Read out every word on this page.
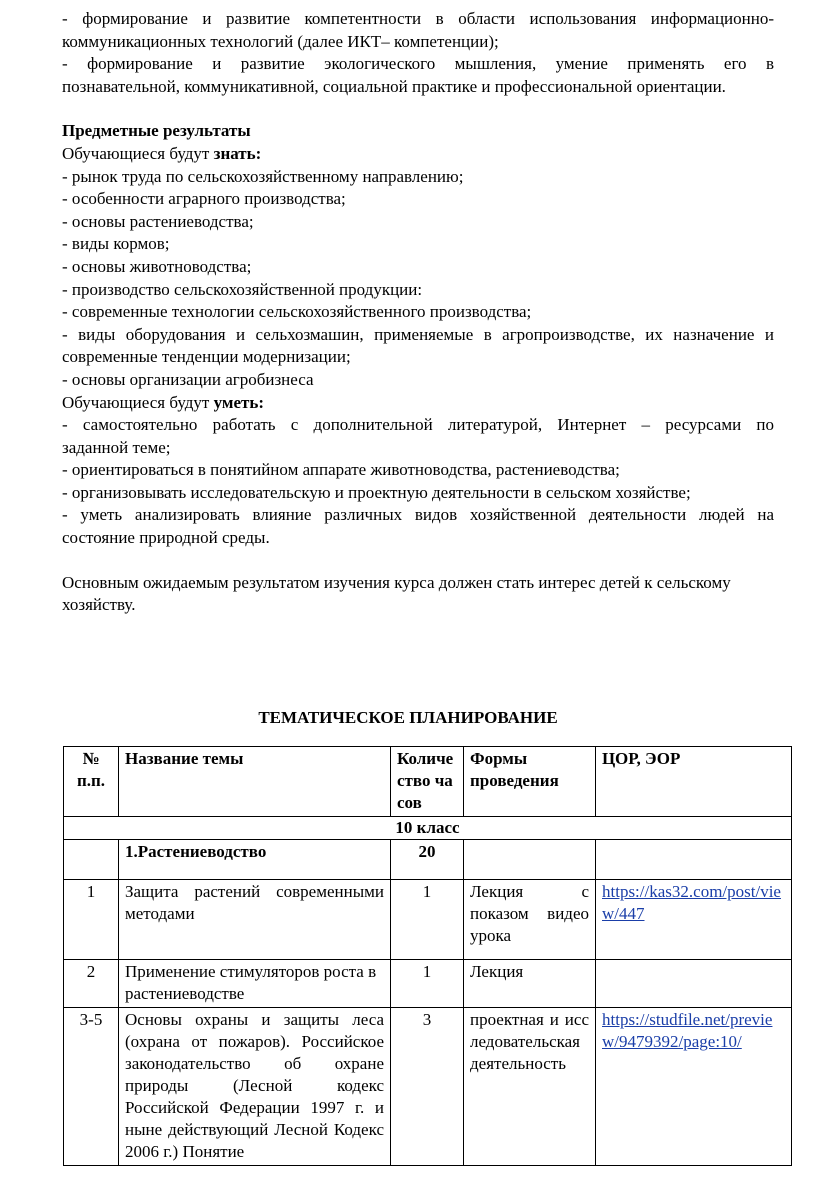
- формирование и развитие компетентности в области использования информационно-

коммуникационных технологий (далее ИКТ– компетенции);

- формирование и развитие экологического мышления, умение применять его в

познавательной, коммуникативной, социальной практике и профессиональной ориентации.

Предметные результаты

Обучающиеся будут знать:

- рынок труда по сельскохозяйственному направлению;

- особенности аграрного производства;

- основы растениеводства;

- виды кормов;

- основы животноводства;

- производство сельскохозяйственной продукции:

- современные технологии сельскохозяйственного производства;

- виды оборудования и сельхозмашин, применяемые в агропроизводстве, их назначение и

современные тенденции модернизации;

- основы организации агробизнеса

Обучающиеся будут уметь:

- самостоятельно работать с дополнительной литературой, Интернет – ресурсами по

заданной теме;

- ориентироваться в понятийном аппарате животноводства, растениеводства;

- организовывать исследовательскую и проектную деятельности в сельском хозяйстве;

- уметь анализировать влияние различных видов хозяйственной деятельности людей на

состояние природной среды.

Основным ожидаемым результатом изучения курса должен стать интерес детей к сельскому

хозяйству.

ТЕМАТИЧЕСКОЕ ПЛАНИРОВАНИЕ
№ п.п.	Название темы	Количество часов	Формы проведения	ЦОР, ЭОР
10 класс				
	1.Растениеводство	20		
1	Защита растений современными методами	1	Лекция с показом видео урока	https://kas32.com/post/view/447
2	Применение стимуляторов роста в растениеводстве	1	Лекция	
3-5	Основы охраны и защиты леса (охрана от пожаров). Российское законодательство об охране природы (Лесной кодекс Российской Федерации 1997 г. и ныне действующий Лесной Кодекс 2006 г.) Понятие	3	проектная и исследовательская деятельность	https://studfile.net/preview/9479392/page:10/
